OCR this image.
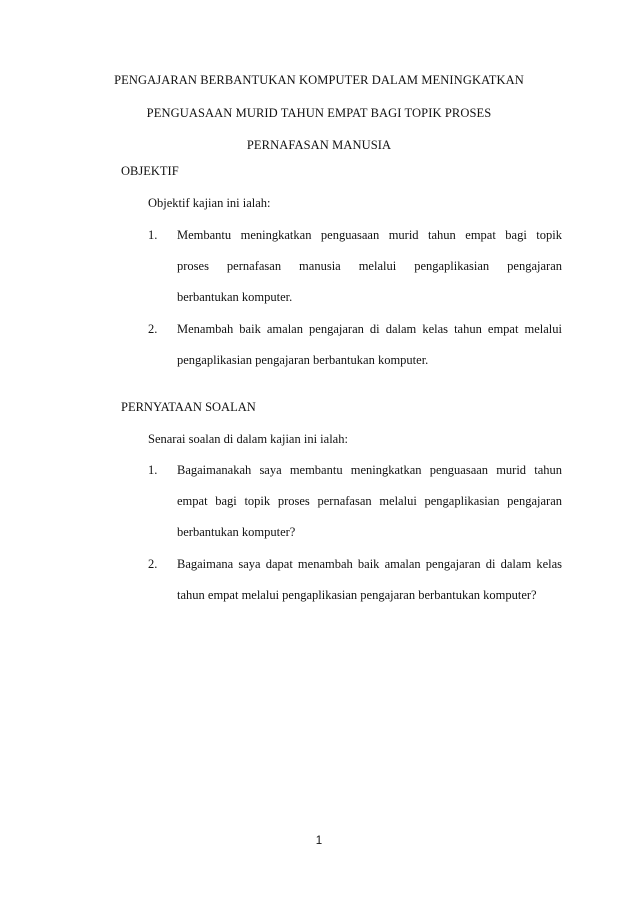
PENGAJARAN BERBANTUKAN KOMPUTER DALAM MENINGKATKAN
PENGUASAAN MURID TAHUN EMPAT BAGI TOPIK PROSES
PERNAFASAN MANUSIA
OBJEKTIF
Objektif kajian ini ialah:
1. Membantu meningkatkan penguasaan murid tahun empat bagi topik
proses pernafasan manusia melalui pengaplikasian pengajaran
berbantukan komputer.
2. Menambah baik amalan pengajaran di dalam kelas tahun empat melalui
pengaplikasian pengajaran berbantukan komputer.
PERNYATAAN SOALAN
Senarai soalan di dalam kajian ini ialah:
1. Bagaimanakah saya membantu meningkatkan penguasaan murid tahun
empat bagi topik proses pernafasan melalui pengaplikasian pengajaran
berbantukan komputer?
2. Bagaimana saya dapat menambah baik amalan pengajaran di dalam kelas
tahun empat melalui pengaplikasian pengajaran berbantukan komputer?
1
